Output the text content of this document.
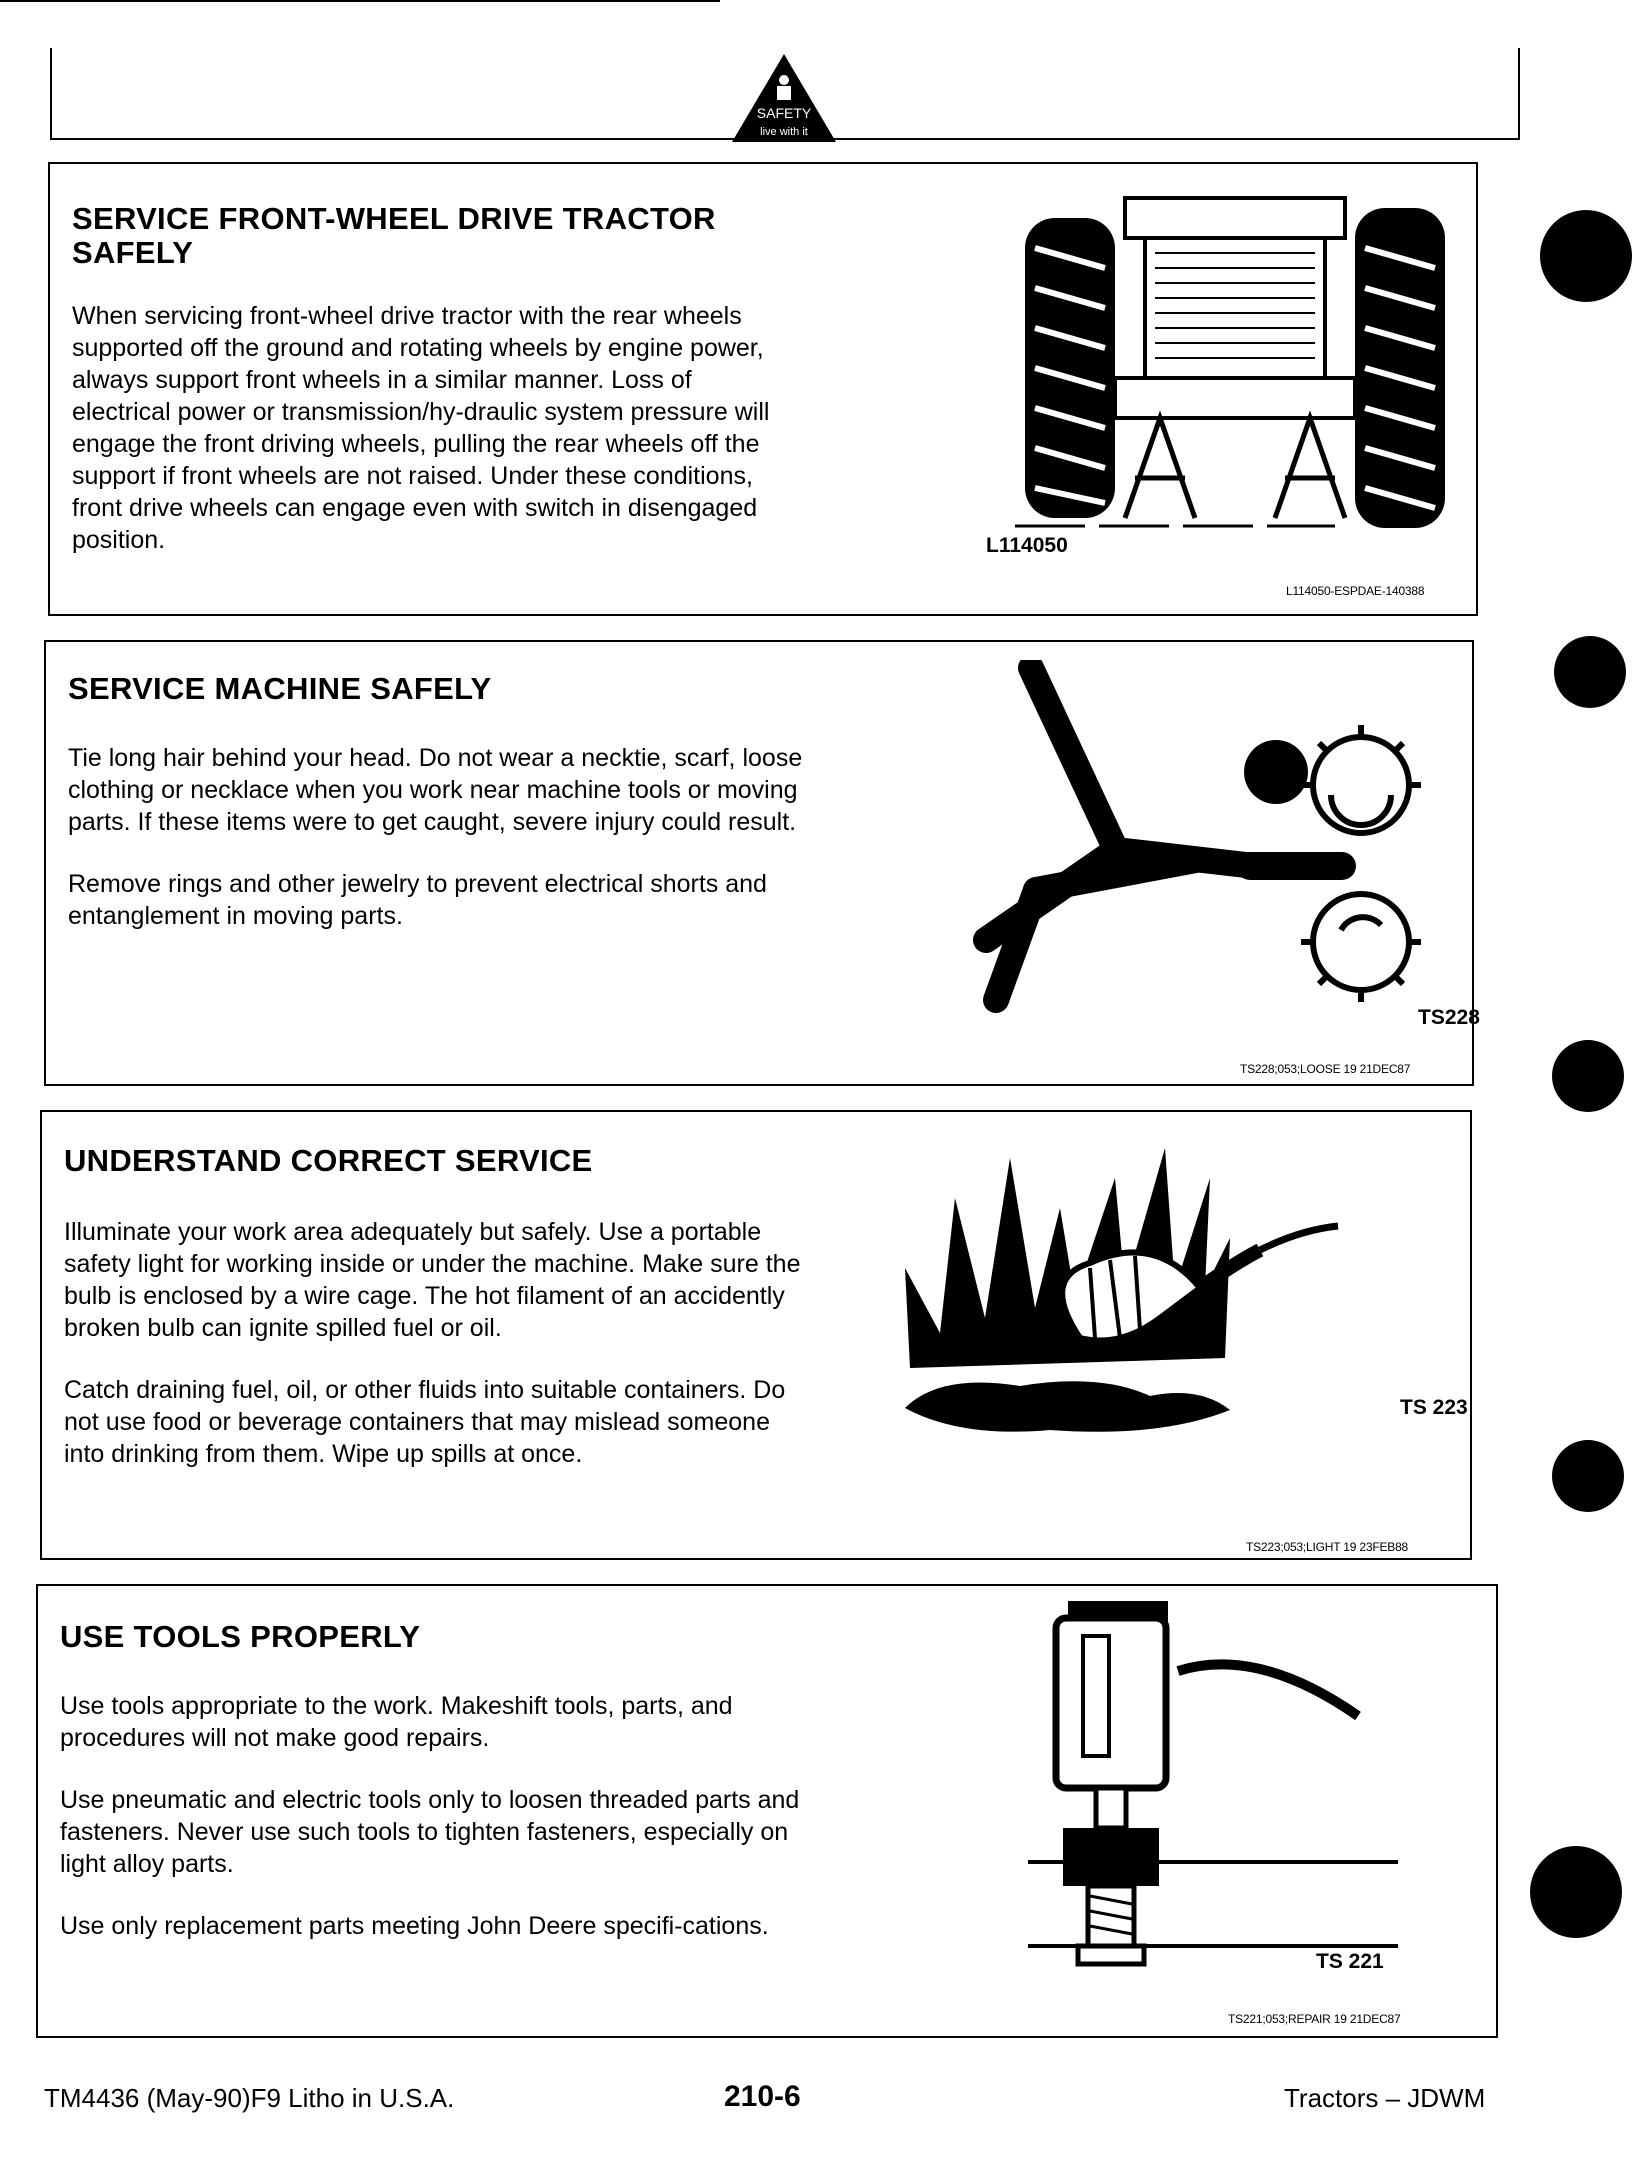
SAFETY
live with it
SERVICE FRONT-WHEEL DRIVE TRACTOR
SAFELY

When servicing front-wheel drive tractor with the rear wheels supported off the ground and rotating wheels by engine power, always support front wheels in a similar manner. Loss of electrical power or transmission/hy-draulic system pressure will engage the front driving wheels, pulling the rear wheels off the support if front wheels are not raised. Under these conditions, front drive wheels can engage even with switch in disengaged position.	L114050
L114050-ESPDAE-140388
SERVICE MACHINE SAFELY

Tie long hair behind your head. Do not wear a necktie, scarf, loose clothing or necklace when you work near machine tools or moving parts. If these items were to get caught, severe injury could result.

Remove rings and other jewelry to prevent electrical shorts and entanglement in moving parts.

TS228
TS228;053;LOOSE 19 21DEC87
UNDERSTAND CORRECT SERVICE

Illuminate your work area adequately but safely. Use a portable safety light for working inside or under the machine. Make sure the bulb is enclosed by a wire cage. The hot filament of an accidently broken bulb can ignite spilled fuel or oil.

Catch draining fuel, oil, or other fluids into suitable containers. Do not use food or beverage containers that may mislead someone into drinking from them. Wipe up spills at once.

TS 223
TS223;053;LIGHT 19 23FEB88
USE TOOLS PROPERLY

Use tools appropriate to the work. Makeshift tools, parts, and procedures will not make good repairs.

Use pneumatic and electric tools only to loosen threaded parts and fasteners. Never use such tools to tighten fasteners, especially on light alloy parts.

Use only replacement parts meeting John Deere specifi-cations.

TS 221
TS221;053;REPAIR 19 21DEC87
TM4436 (May-90)F9 Litho in U.S.A.	210-6	Tractors – JDWM
